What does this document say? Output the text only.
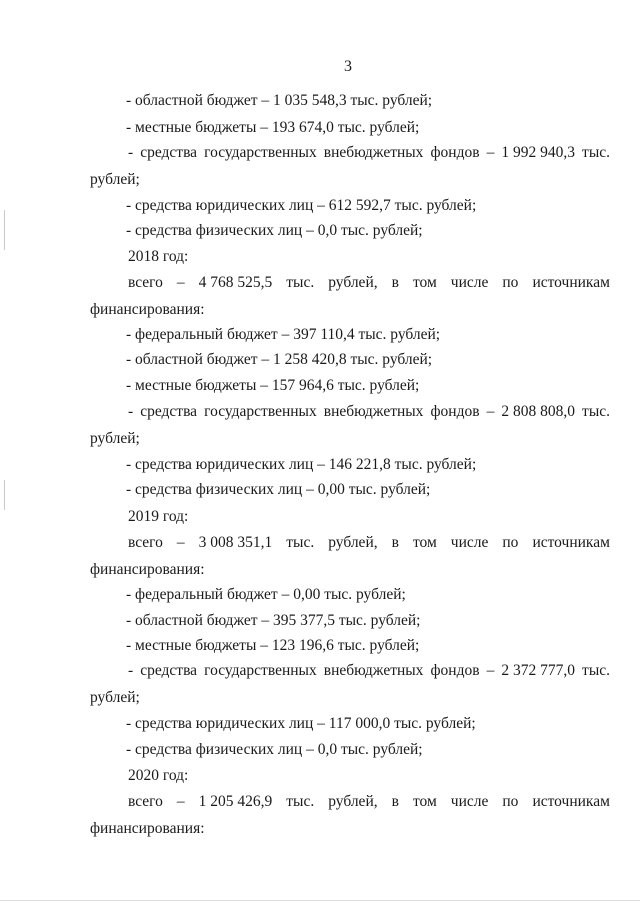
3
- областной бюджет – 1 035 548,3 тыс. рублей;
- местные бюджеты – 193 674,0 тыс. рублей;
- средства государственных внебюджетных фондов – 1 992 940,3 тыс.
рублей;
- средства юридических лиц – 612 592,7 тыс. рублей;
- средства физических лиц – 0,0 тыс. рублей;
2018 год:
всего – 4 768 525,5 тыс. рублей, в том числе по источникам
финансирования:
- федеральный бюджет – 397 110,4 тыс. рублей;
- областной бюджет – 1 258 420,8 тыс. рублей;
- местные бюджеты – 157 964,6 тыс. рублей;
- средства государственных внебюджетных фондов – 2 808 808,0 тыс.
рублей;
- средства юридических лиц – 146 221,8 тыс. рублей;
- средства физических лиц – 0,00 тыс. рублей;
2019 год:
всего – 3 008 351,1 тыс. рублей, в том числе по источникам
финансирования:
- федеральный бюджет – 0,00 тыс. рублей;
- областной бюджет – 395 377,5 тыс. рублей;
- местные бюджеты – 123 196,6 тыс. рублей;
- средства государственных внебюджетных фондов – 2 372 777,0 тыс.
рублей;
- средства юридических лиц – 117 000,0 тыс. рублей;
- средства физических лиц – 0,0 тыс. рублей;
2020 год:
всего – 1 205 426,9 тыс. рублей, в том числе по источникам
финансирования:
